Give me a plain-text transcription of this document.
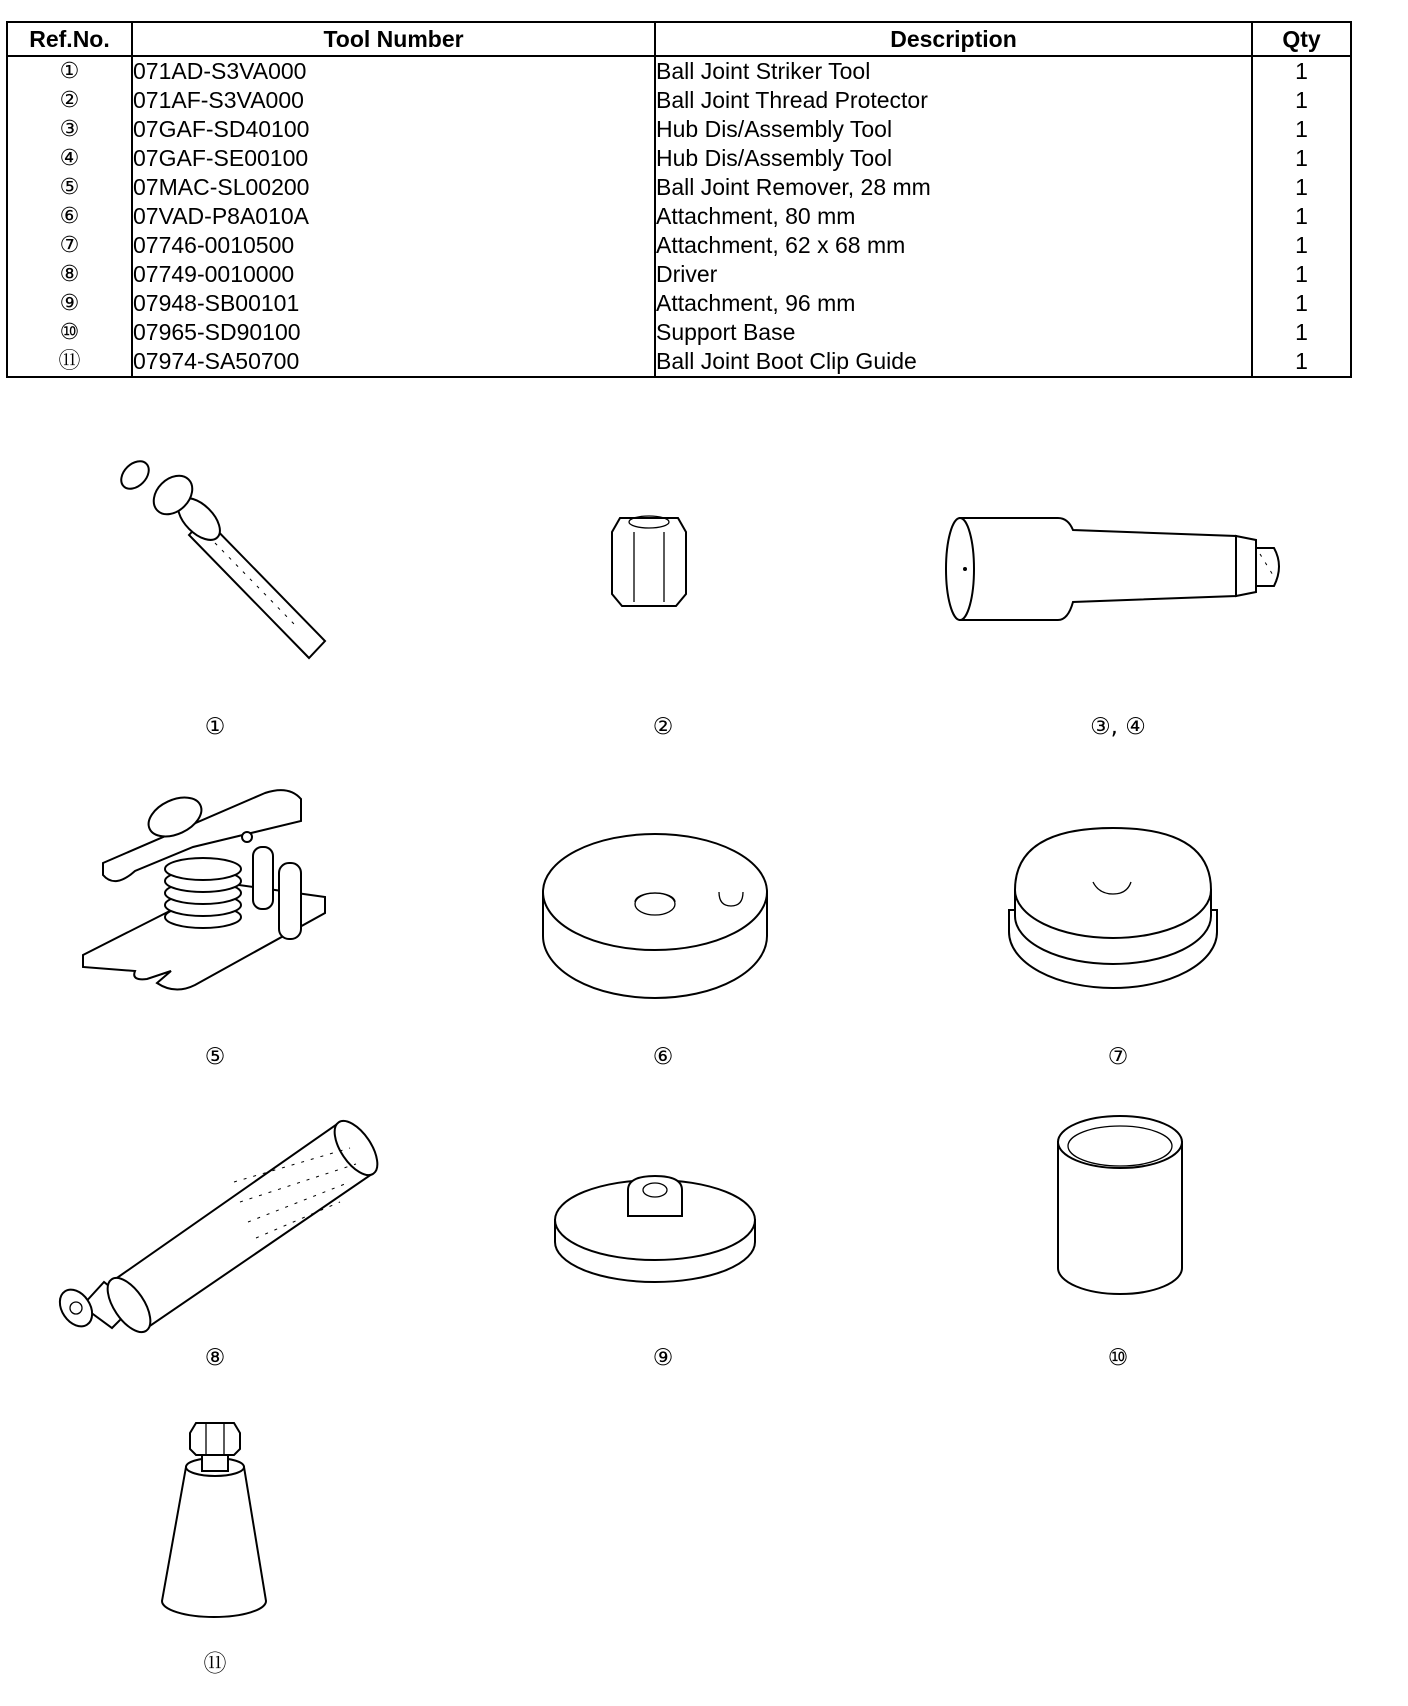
Ref.No.	Tool Number	Description	Qty
①	071AD-S3VA000	Ball Joint Striker Tool	1
②	071AF-S3VA000	Ball Joint Thread Protector	1
③	07GAF-SD40100	Hub Dis/Assembly Tool	1
④	07GAF-SE00100	Hub Dis/Assembly Tool	1
⑤	07MAC-SL00200	Ball Joint Remover, 28 mm	1
⑥	07VAD-P8A010A	Attachment, 80 mm	1
⑦	07746-0010500	Attachment, 62 x 68 mm	1
⑧	07749-0010000	Driver	1
⑨	07948-SB00101	Attachment, 96 mm	1
⑩	07965-SD90100	Support Base	1
⑪	07974-SA50700	Ball Joint Boot Clip Guide	1
①	②	③, ④
⑤	⑥	⑦
⑧	⑨	⑩
⑪
